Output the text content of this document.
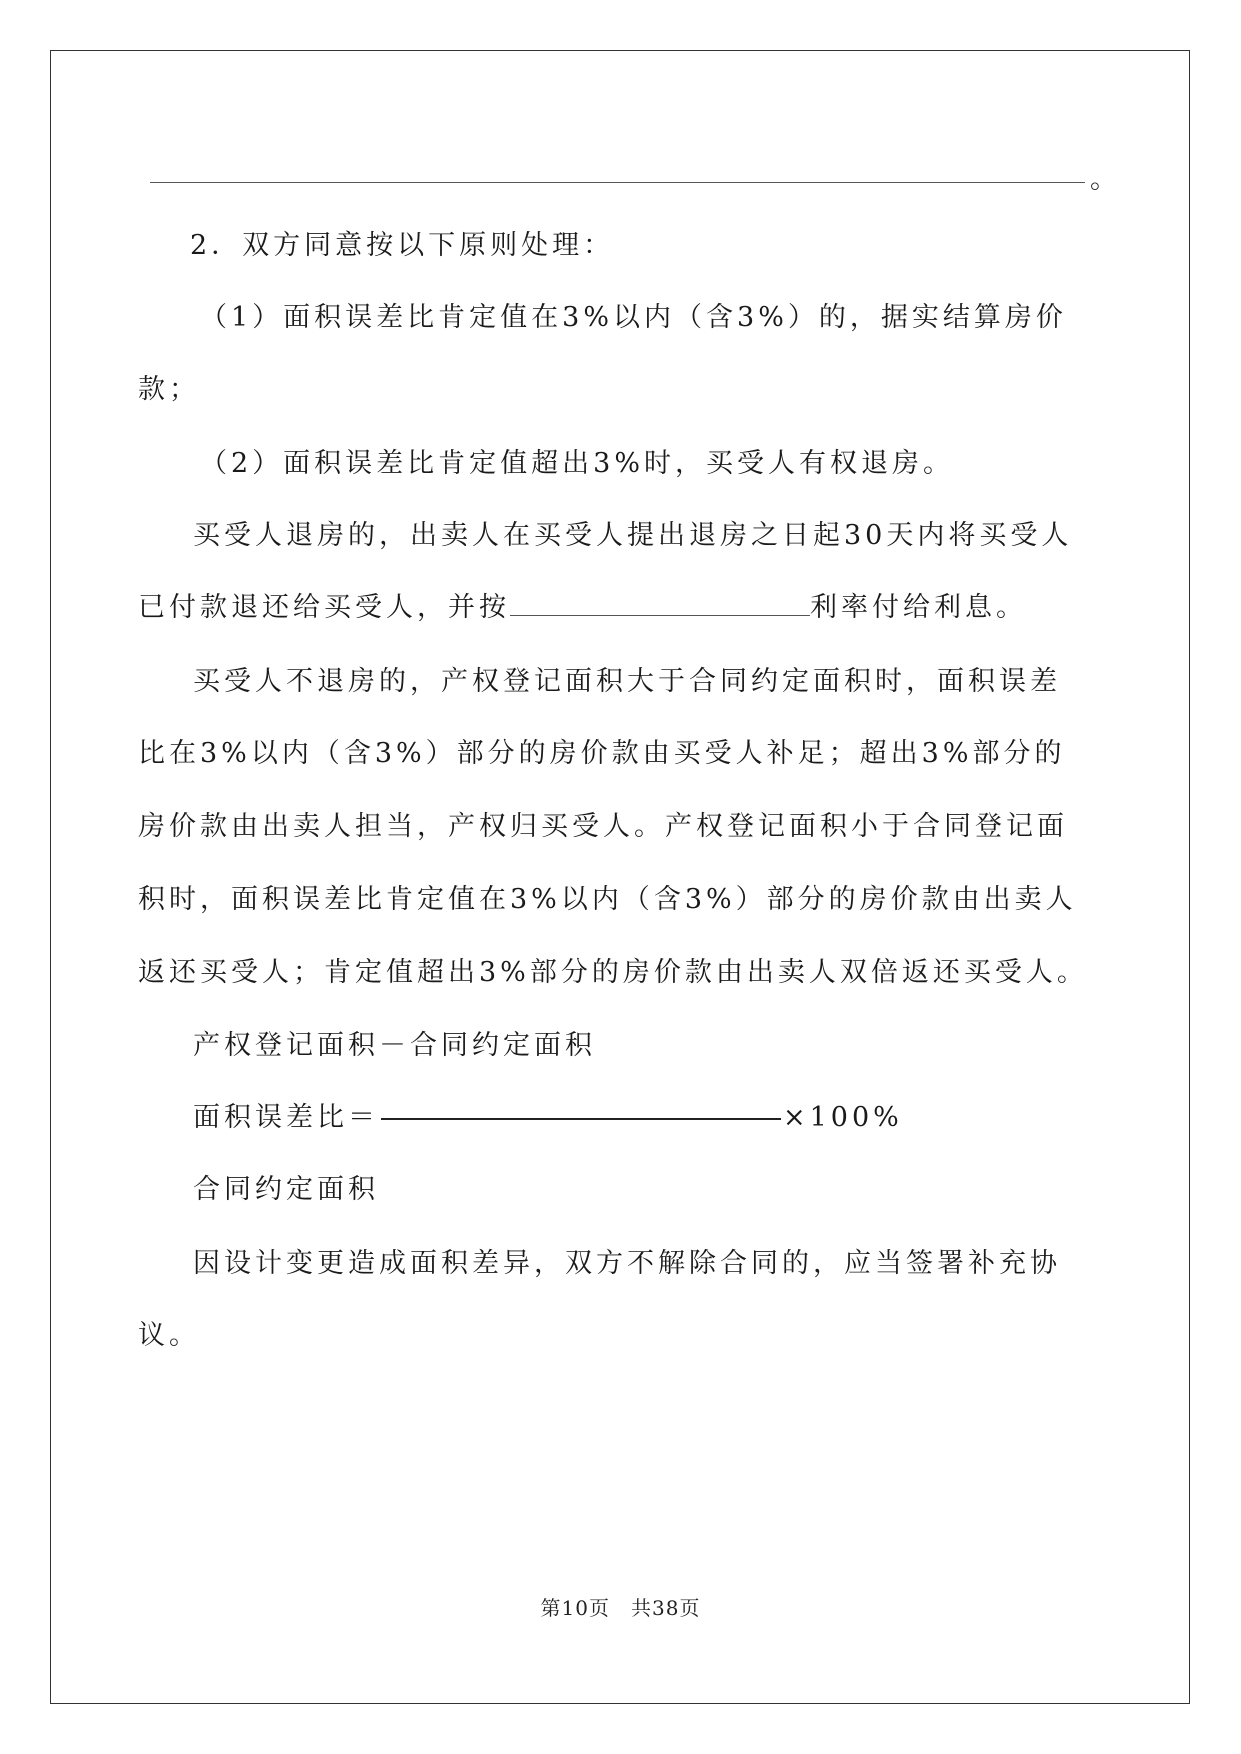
。
2．双方同意按以下原则处理：
（1）面积误差比肯定值在3%以内（含3%）的，据实结算房价
款；
（2）面积误差比肯定值超出3%时，买受人有权退房。
买受人退房的，出卖人在买受人提出退房之日起30天内将买受人
已付款退还给买受人，并按	利率付给利息。
买受人不退房的，产权登记面积大于合同约定面积时，面积误差
比在3%以内（含3%）部分的房价款由买受人补足；超出3%部分的
房价款由出卖人担当，产权归买受人。产权登记面积小于合同登记面
积时，面积误差比肯定值在3%以内（含3%）部分的房价款由出卖人
返还买受人；肯定值超出3%部分的房价款由出卖人双倍返还买受人。
产权登记面积－合同约定面积
面积误差比＝	×100%
合同约定面积
因设计变更造成面积差异，双方不解除合同的，应当签署补充协
议。
第10页　共38页
